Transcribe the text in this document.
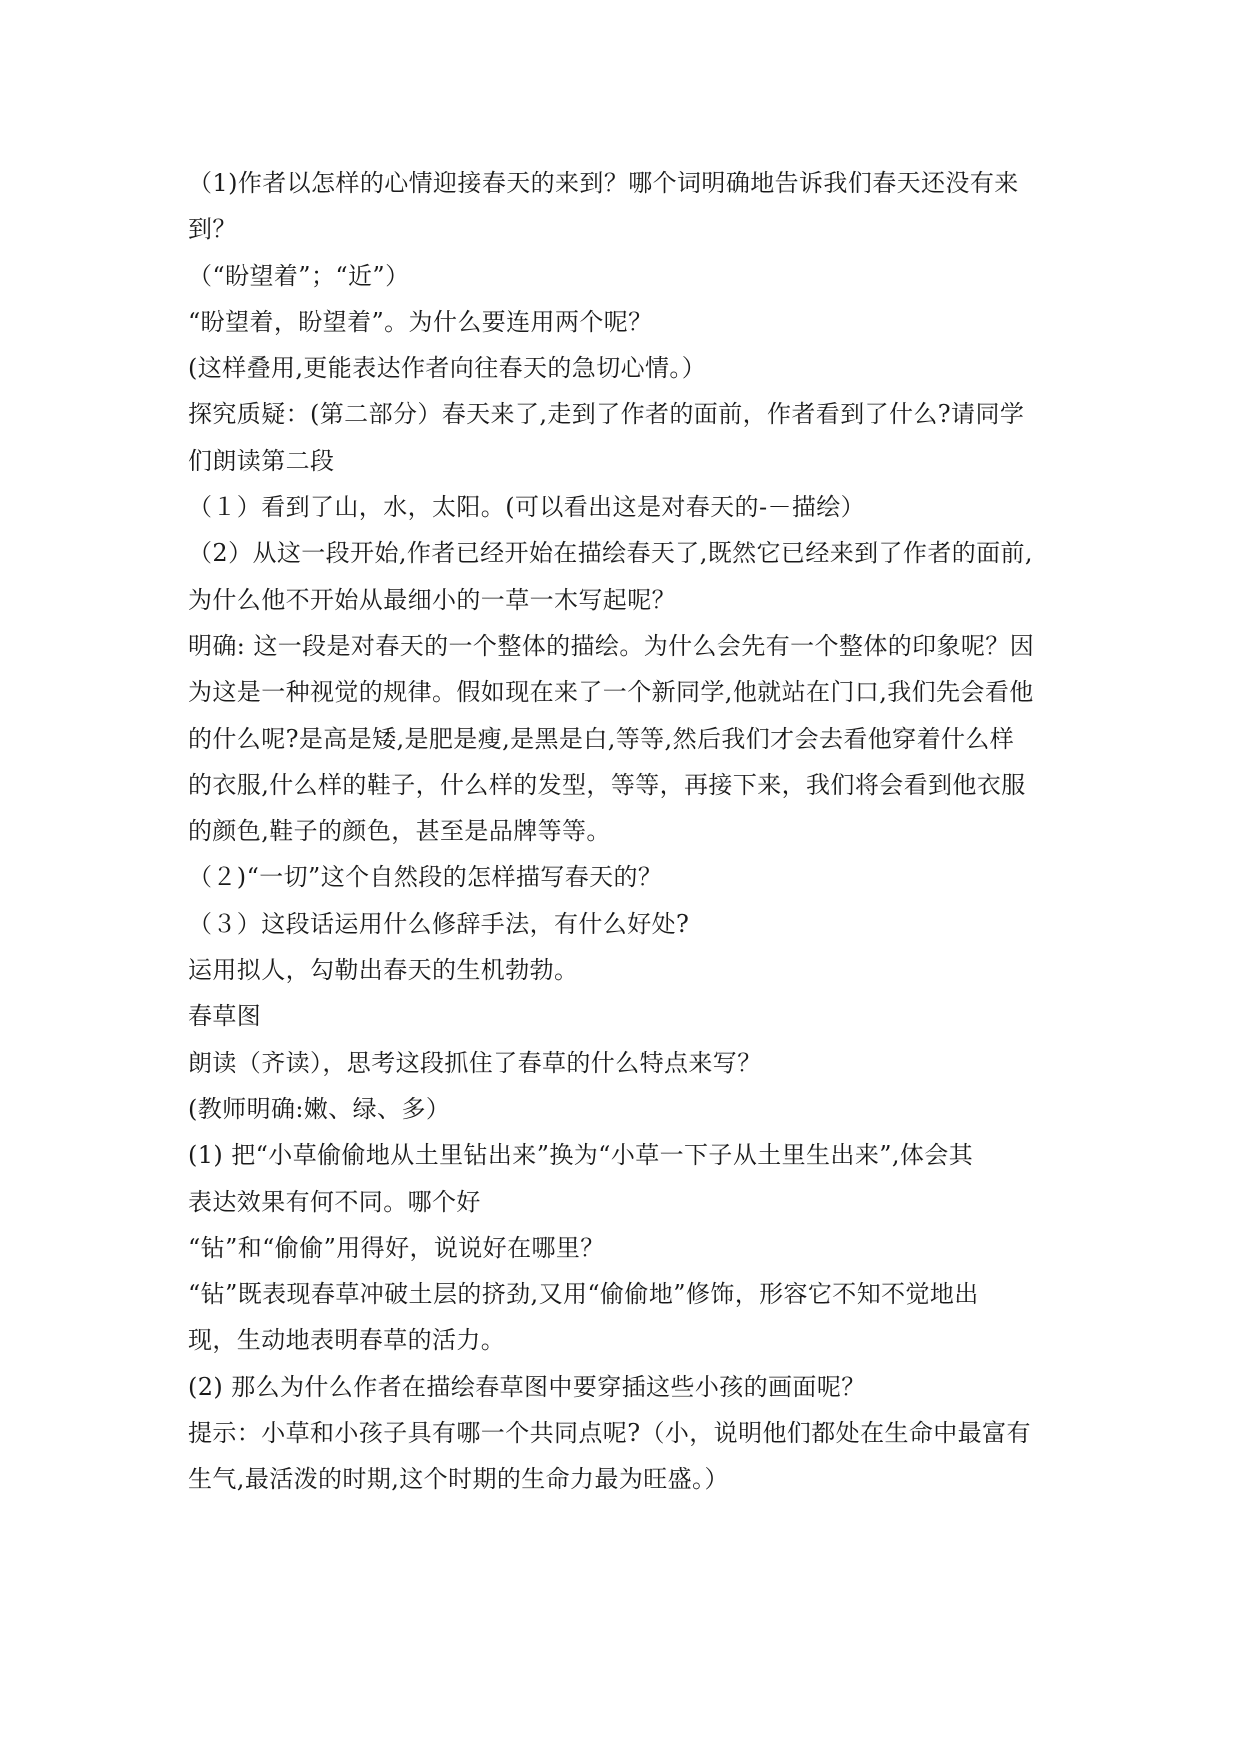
（1)作者以怎样的心情迎接春天的来到？哪个词明确地告诉我们春天还没有来
到？
（“盼望着”；“近”）
“盼望着，盼望着”。为什么要连用两个呢？
(这样叠用,更能表达作者向往春天的急切心情。）
探究质疑：(第二部分）春天来了,走到了作者的面前，作者看到了什么?请同学
们朗读第二段
（１）看到了山，水，太阳。(可以看出这是对春天的-－描绘）
（2）从这一段开始,作者已经开始在描绘春天了,既然它已经来到了作者的面前,
为什么他不开始从最细小的一草一木写起呢？
明确: 这一段是对春天的一个整体的描绘。为什么会先有一个整体的印象呢？因
为这是一种视觉的规律。假如现在来了一个新同学,他就站在门口,我们先会看他
的什么呢?是高是矮,是肥是瘦,是黑是白,等等,然后我们才会去看他穿着什么样
的衣服,什么样的鞋子，什么样的发型，等等，再接下来，我们将会看到他衣服
的颜色,鞋子的颜色，甚至是品牌等等。
（２)“一切”这个自然段的怎样描写春天的？
（３）这段话运用什么修辞手法，有什么好处?
运用拟人，勾勒出春天的生机勃勃。
春草图
朗读（齐读），思考这段抓住了春草的什么特点来写？
(教师明确:嫩、绿、多）
(1) 把“小草偷偷地从土里钻出来”换为“小草一下子从土里生出来”,体会其
表达效果有何不同。哪个好
“钻”和“偷偷”用得好，说说好在哪里？
“钻”既表现春草冲破土层的挤劲,又用“偷偷地”修饰，形容它不知不觉地出
现，生动地表明春草的活力。
(2) 那么为什么作者在描绘春草图中要穿插这些小孩的画面呢？
提示：小草和小孩子具有哪一个共同点呢?（小，说明他们都处在生命中最富有
生气,最活泼的时期,这个时期的生命力最为旺盛。）
